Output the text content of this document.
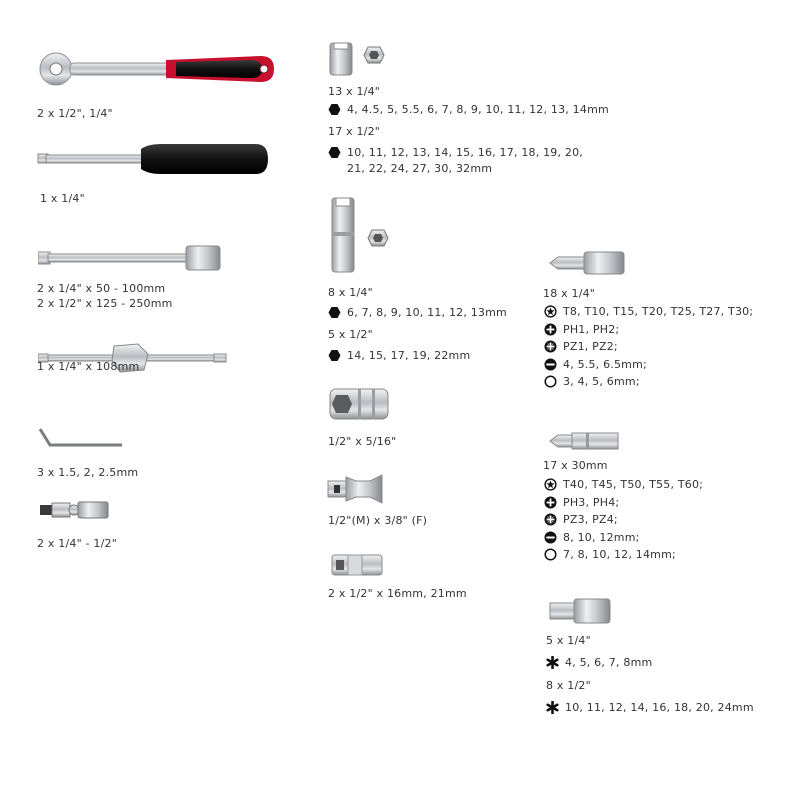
2 x 1/2", 1/4"
1 x 1/4"
2 x 1/4" x 50 - 100mm
2 x 1/2" x 125 - 250mm
1 x 1/4" x 108mm
3 x 1.5, 2, 2.5mm
2 x 1/4" - 1/2"
13 x 1/4"
4, 4.5, 5, 5.5, 6, 7, 8, 9, 10, 11, 12, 13, 14mm
17 x 1/2"
10, 11, 12, 13, 14, 15, 16, 17, 18, 19, 20,
21, 22, 24, 27, 30, 32mm
8 x 1/4"
6, 7, 8, 9, 10, 11, 12, 13mm
5 x 1/2"
14, 15, 17, 19, 22mm
1/2" x 5/16"
1/2"(M) x 3/8" (F)
2 x 1/2" x 16mm, 21mm
18 x 1/4"
T8, T10, T15, T20, T25, T27, T30;
PH1, PH2;
PZ1, PZ2;
4, 5.5, 6.5mm;
3, 4, 5, 6mm;
17 x 30mm
T40, T45, T50, T55, T60;
PH3, PH4;
PZ3, PZ4;
8, 10, 12mm;
7, 8, 10, 12, 14mm;
5 x 1/4"
4, 5, 6, 7, 8mm
8 x 1/2"
10, 11, 12, 14, 16, 18, 20, 24mm
